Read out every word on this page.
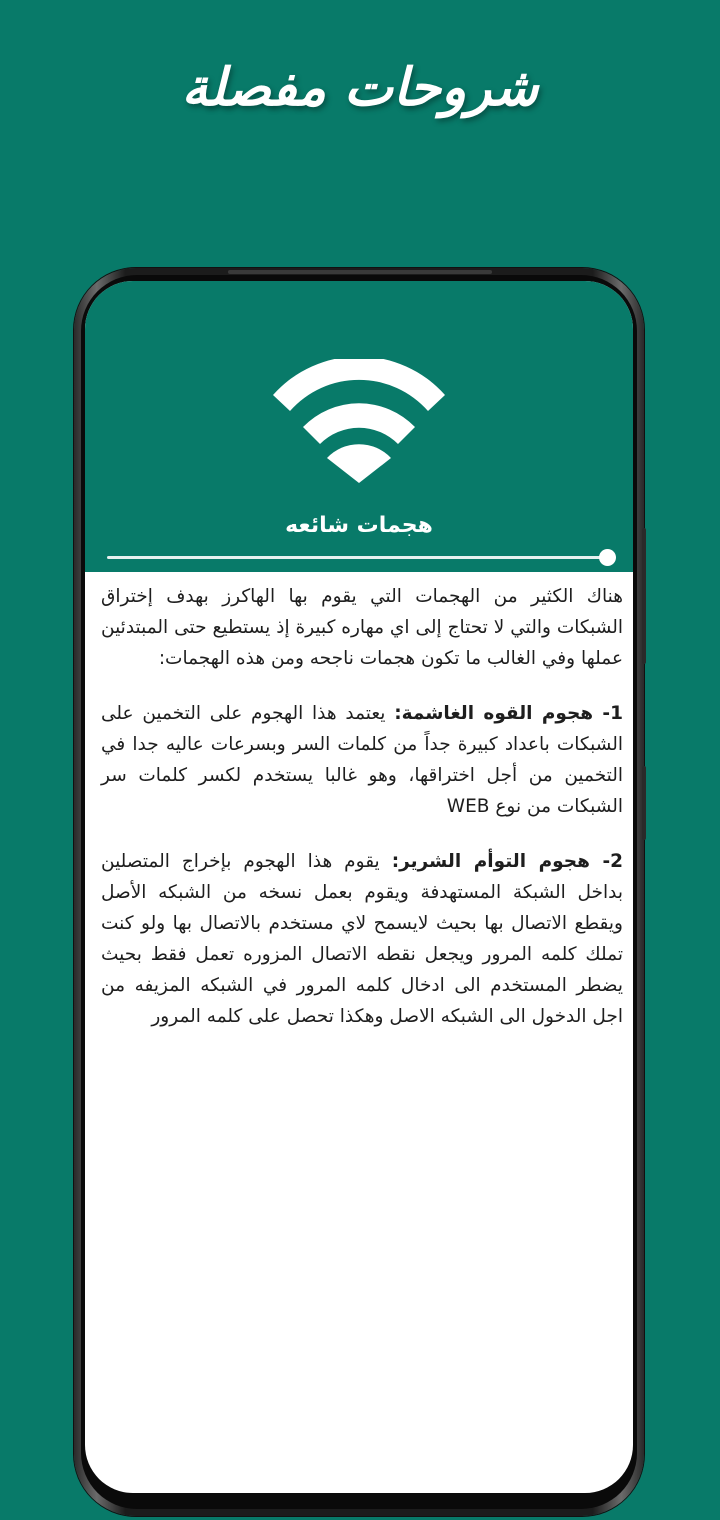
شروحات مفصلة
هجمات شائعه

هناك الكثير من الهجمات التي يقوم بها الهاكرز بهدف إختراق الشبكات والتي لا تحتاج إلى اي مهاره كبيرة إذ يستطيع حتى المبتدئين عملها وفي الغالب ما تكون هجمات ناجحه ومن هذه الهجمات:

1- هجوم القوه الغاشمة: يعتمد هذا الهجوم على التخمين على الشبكات باعداد كبيرة جداً من كلمات السر وبسرعات عاليه جدا في التخمين من أجل اختراقها، وهو غالبا يستخدم لكسر كلمات سر الشبكات من نوع WEB

2- هجوم التوأم الشرير: يقوم هذا الهجوم بإخراج المتصلين بداخل الشبكة المستهدفة ويقوم بعمل نسخه من الشبكه الأصل ويقطع الاتصال بها بحيث لايسمح لاي مستخدم بالاتصال بها ولو كنت تملك كلمه المرور ويجعل نقطه الاتصال المزوره تعمل فقط بحيث يضطر المستخدم الى ادخال كلمه المرور في الشبكه المزيفه من اجل الدخول الى الشبكه الاصل وهكذا تحصل على كلمه المرور
